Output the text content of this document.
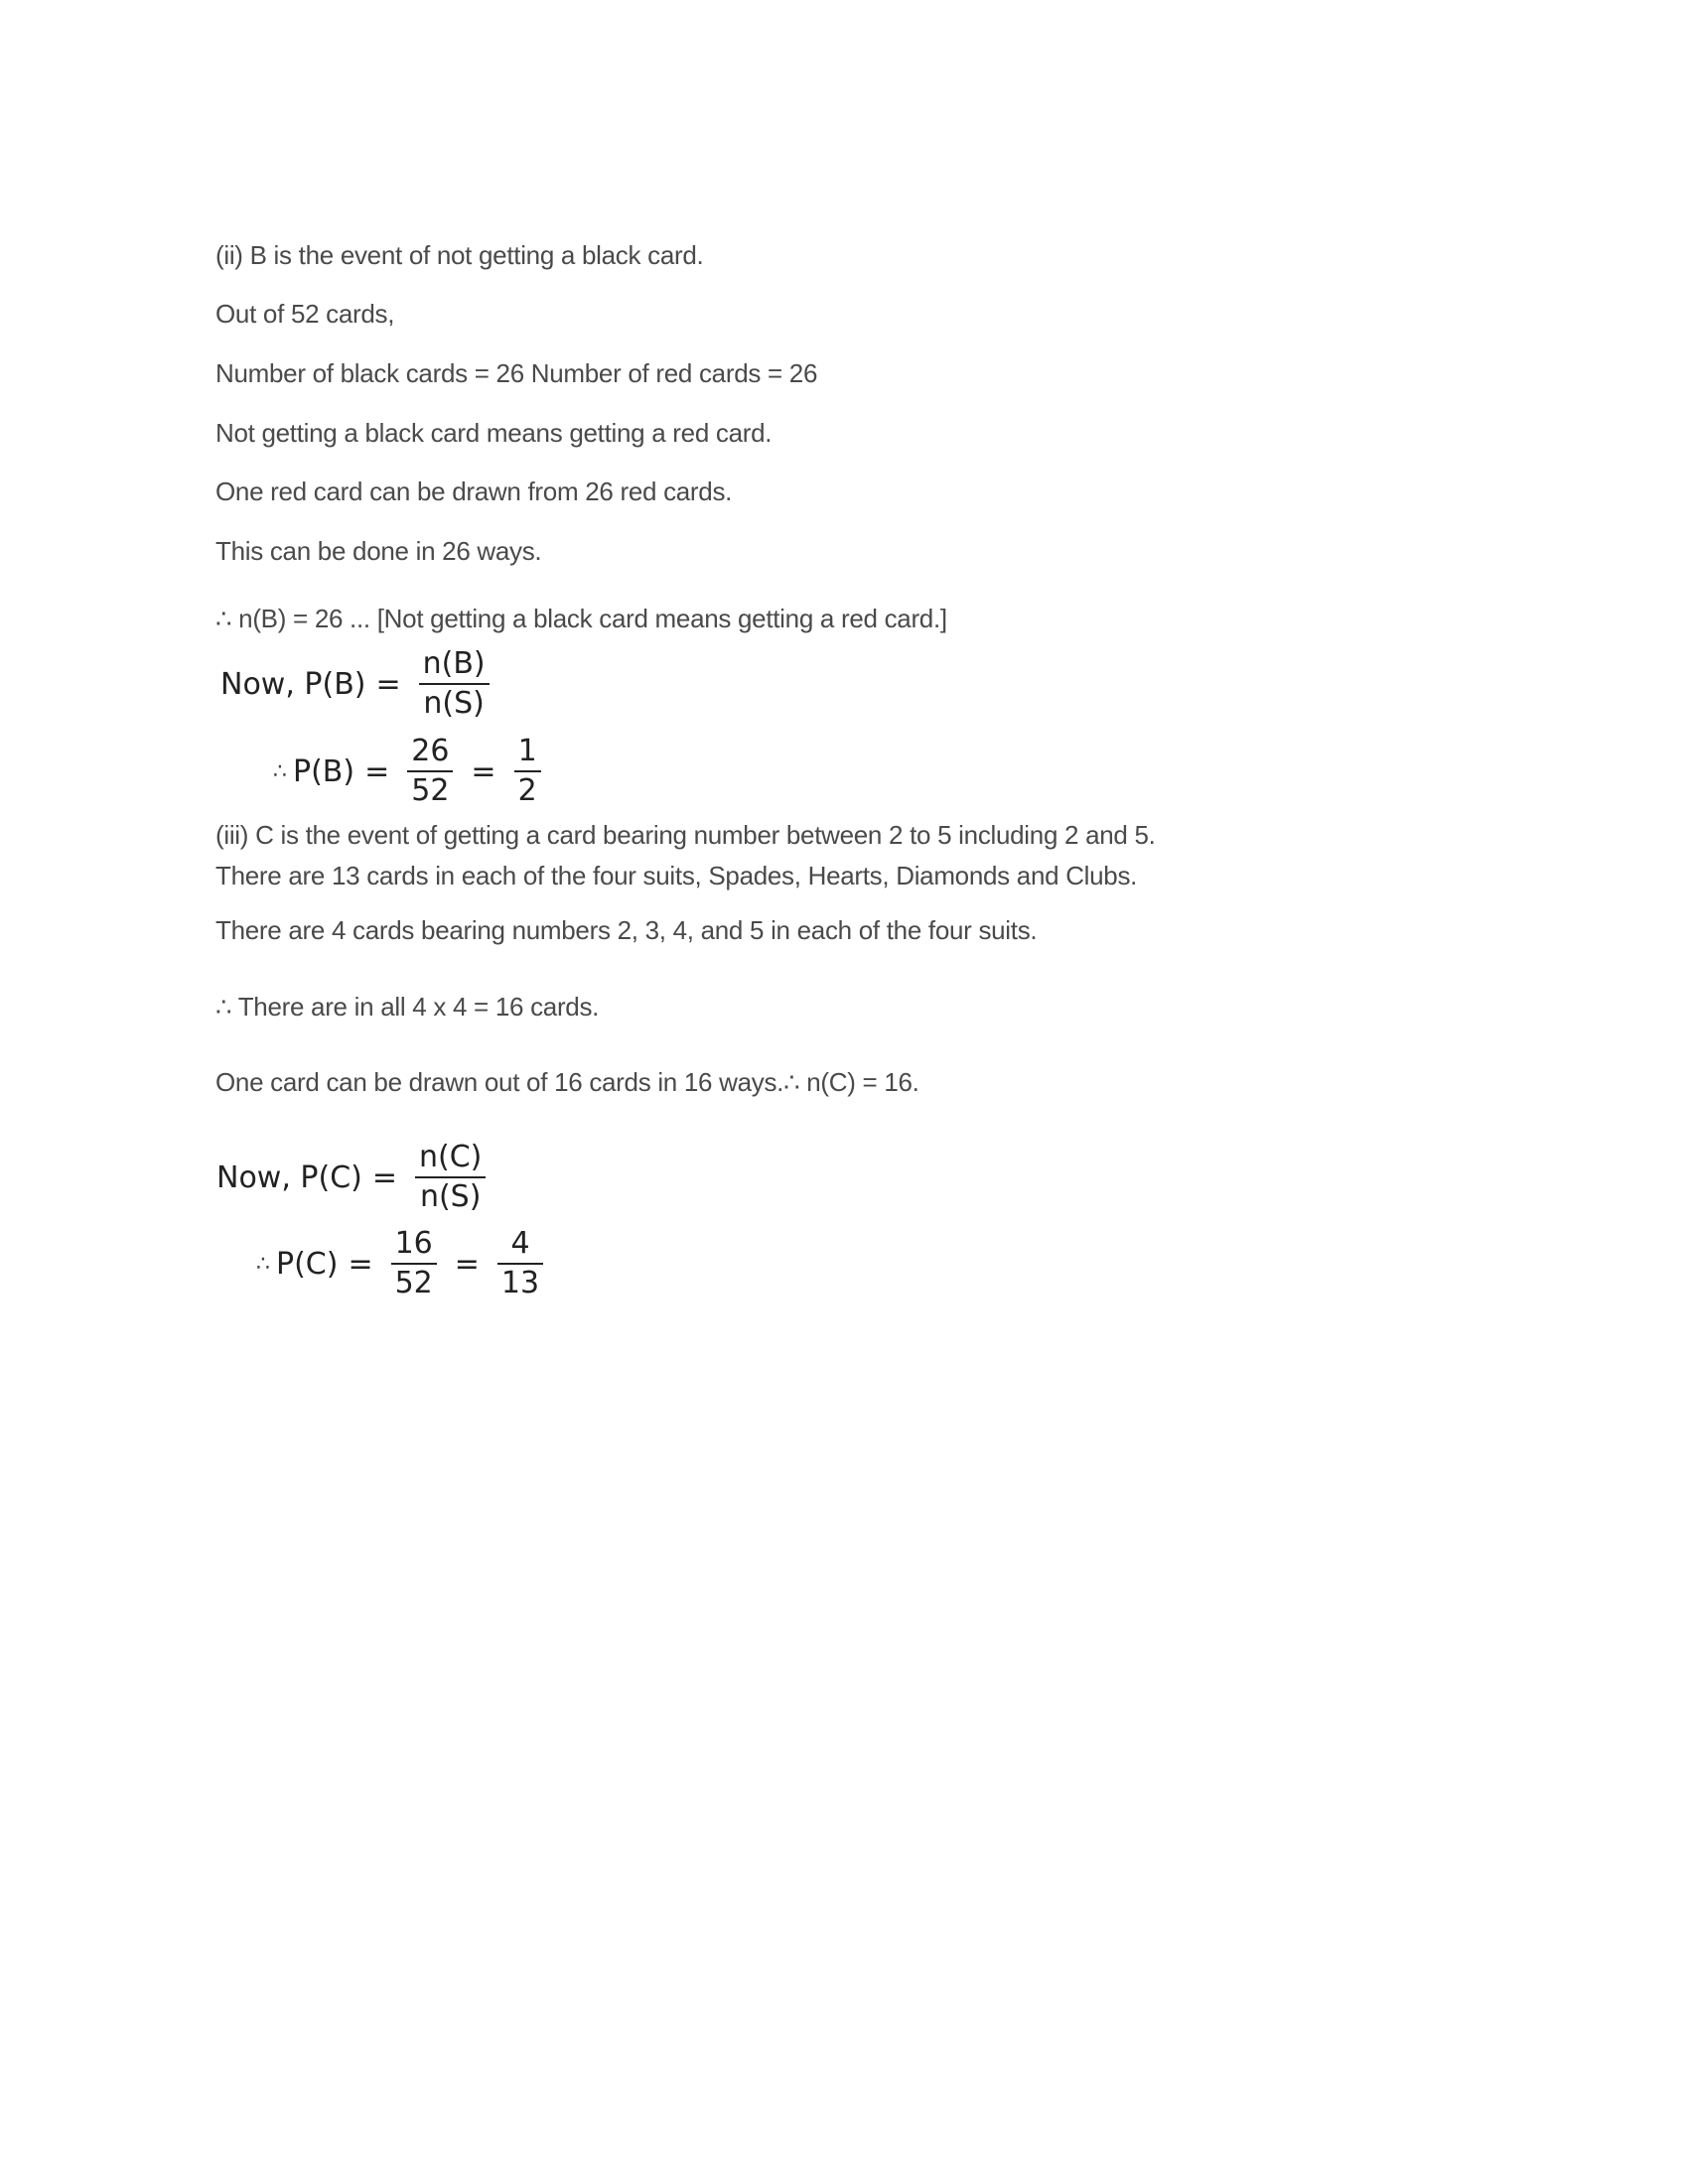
(ii) B is the event of not getting a black card.
Out of 52 cards,
Number of black cards = 26 Number of red cards = 26
Not getting a black card means getting a red card.
One red card can be drawn from 26 red cards.
This can be done in 26 ways.
∴ n(B) = 26 ... [Not getting a black card means getting a red card.]
Now, $P(B) = \frac{n(B)}{n(S)}$
∴ $P(B) = \frac{26}{52} = \frac{1}{2}$
(iii) C is the event of getting a card bearing number between 2 to 5 including 2 and 5.
There are 13 cards in each of the four suits, Spades, Hearts, Diamonds and Clubs.
There are 4 cards bearing numbers 2, 3, 4, and 5 in each of the four suits.
∴ There are in all 4 x 4 = 16 cards.
One card can be drawn out of 16 cards in 16 ways.∴ n(C) = 16.
Now, $P(C) = \frac{n(C)}{n(S)}$
∴ $P(C) = \frac{16}{52} = \frac{4}{13}$
